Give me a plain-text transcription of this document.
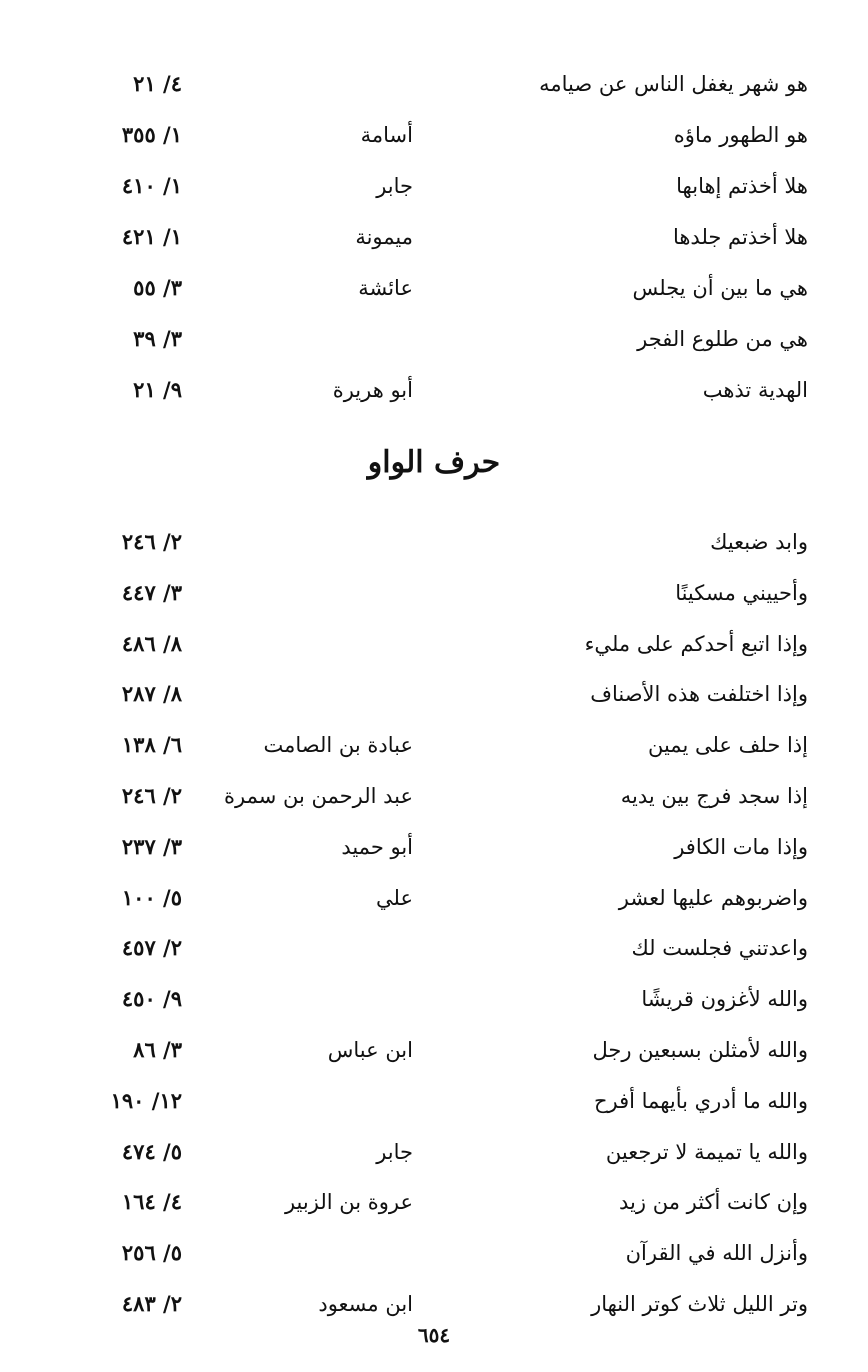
هو شهر يغفل الناس عن صيامه
٤/ ٢١
هو الطهور ماؤه
أسامة
١/ ٣٥٥
هلا أخذتم إهابها
جابر
١/ ٤١٠
هلا أخذتم جلدها
ميمونة
١/ ٤٢١
هي ما بين أن يجلس
عائشة
٣/ ٥٥
هي من طلوع الفجر
٣/ ٣٩
الهدية تذهب
أبو هريرة
٩/ ٢١
حرف الواو
وابد ضبعيك
٢/ ٢٤٦
وأحييني مسكينًا
٣/ ٤٤٧
وإذا اتبع أحدكم على مليء
٨/ ٤٨٦
وإذا اختلفت هذه الأصناف
٨/ ٢٨٧
إذا حلف على يمين
عبادة بن الصامت
٦/ ١٣٨
إذا سجد فرج بين يديه
عبد الرحمن بن سمرة
٢/ ٢٤٦
وإذا مات الكافر
أبو حميد
٣/ ٢٣٧
واضربوهم عليها لعشر
علي
٥/ ١٠٠
واعدتني فجلست لك
٢/ ٤٥٧
والله لأغزون قريشًا
٩/ ٤٥٠
والله لأمثلن بسبعين رجل
ابن عباس
٣/ ٨٦
والله ما أدري بأيهما أفرح
١٢/ ١٩٠
والله يا تميمة لا ترجعين
جابر
٥/ ٤٧٤
وإن كانت أكثر من زيد
عروة بن الزبير
٤/ ١٦٤
وأنزل الله في القرآن
٥/ ٢٥٦
وتر الليل ثلاث كوتر النهار
ابن مسعود
٢/ ٤٨٣
٦٥٤
